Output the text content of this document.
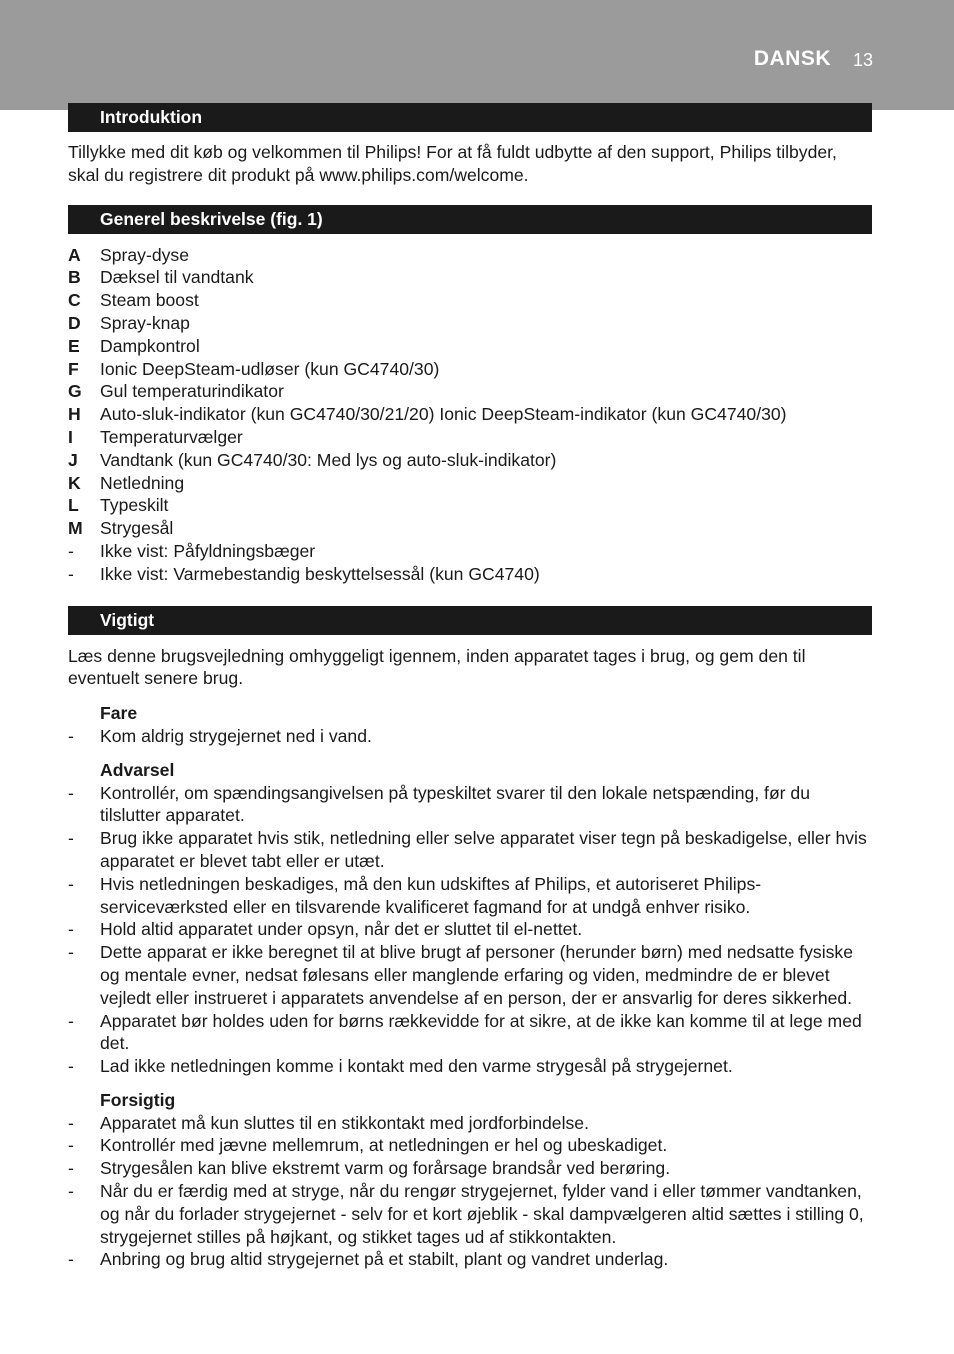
DANSK 13
Introduktion

Tillykke med dit køb og velkommen til Philips! For at få fuldt udbytte af den support, Philips tilbyder, skal du registrere dit produkt på www.philips.com/welcome.

Generel beskrivelse (fig. 1)
A	Spray-dyse
B	Dæksel til vandtank
C	Steam boost
D	Spray-knap
E	Dampkontrol
F	Ionic DeepSteam-udløser (kun GC4740/30)
G	Gul temperaturindikator
H	Auto-sluk-indikator (kun GC4740/30/21/20) Ionic DeepSteam-indikator (kun GC4740/30)
I	Temperaturvælger
J	Vandtank (kun GC4740/30: Med lys og auto-sluk-indikator)
K	Netledning
L	Typeskilt
M Strygesål
-	Ikke vist: Påfyldningsbæger
-	Ikke vist: Varmebestandig beskyttelsessål (kun GC4740)
Vigtigt

Læs denne brugsvejledning omhyggeligt igennem, inden apparatet tages i brug, og gem den til eventuelt senere brug.

Fare
-	Kom aldrig strygejernet ned i vand.
Advarsel
-	Kontrollér, om spændingsangivelsen på typeskiltet svarer til den lokale netspænding, før du tilslutter apparatet.
-	Brug ikke apparatet hvis stik, netledning eller selve apparatet viser tegn på beskadigelse, eller hvis apparatet er blevet tabt eller er utæt.
-	Hvis netledningen beskadiges, må den kun udskiftes af Philips, et autoriseret Philips-serviceværksted eller en tilsvarende kvalificeret fagmand for at undgå enhver risiko.
-	Hold altid apparatet under opsyn, når det er sluttet til el-nettet.
-	Dette apparat er ikke beregnet til at blive brugt af personer (herunder børn) med nedsatte fysiske og mentale evner, nedsat følesans eller manglende erfaring og viden, medmindre de er blevet vejledt eller instrueret i apparatets anvendelse af en person, der er ansvarlig for deres sikkerhed.
-	Apparatet bør holdes uden for børns rækkevidde for at sikre, at de ikke kan komme til at lege med det.
-	Lad ikke netledningen komme i kontakt med den varme strygesål på strygejernet.
Forsigtig
-	Apparatet må kun sluttes til en stikkontakt med jordforbindelse.
-	Kontrollér med jævne mellemrum, at netledningen er hel og ubeskadiget.
-	Strygesålen kan blive ekstremt varm og forårsage brandsår ved berøring.
-	Når du er færdig med at stryge, når du rengør strygejernet, fylder vand i eller tømmer vandtanken, og når du forlader strygejernet - selv for et kort øjeblik - skal dampvælgeren altid sættes i stilling 0, strygejernet stilles på højkant, og stikket tages ud af stikkontakten.
-	Anbring og brug altid strygejernet på et stabilt, plant og vandret underlag.
